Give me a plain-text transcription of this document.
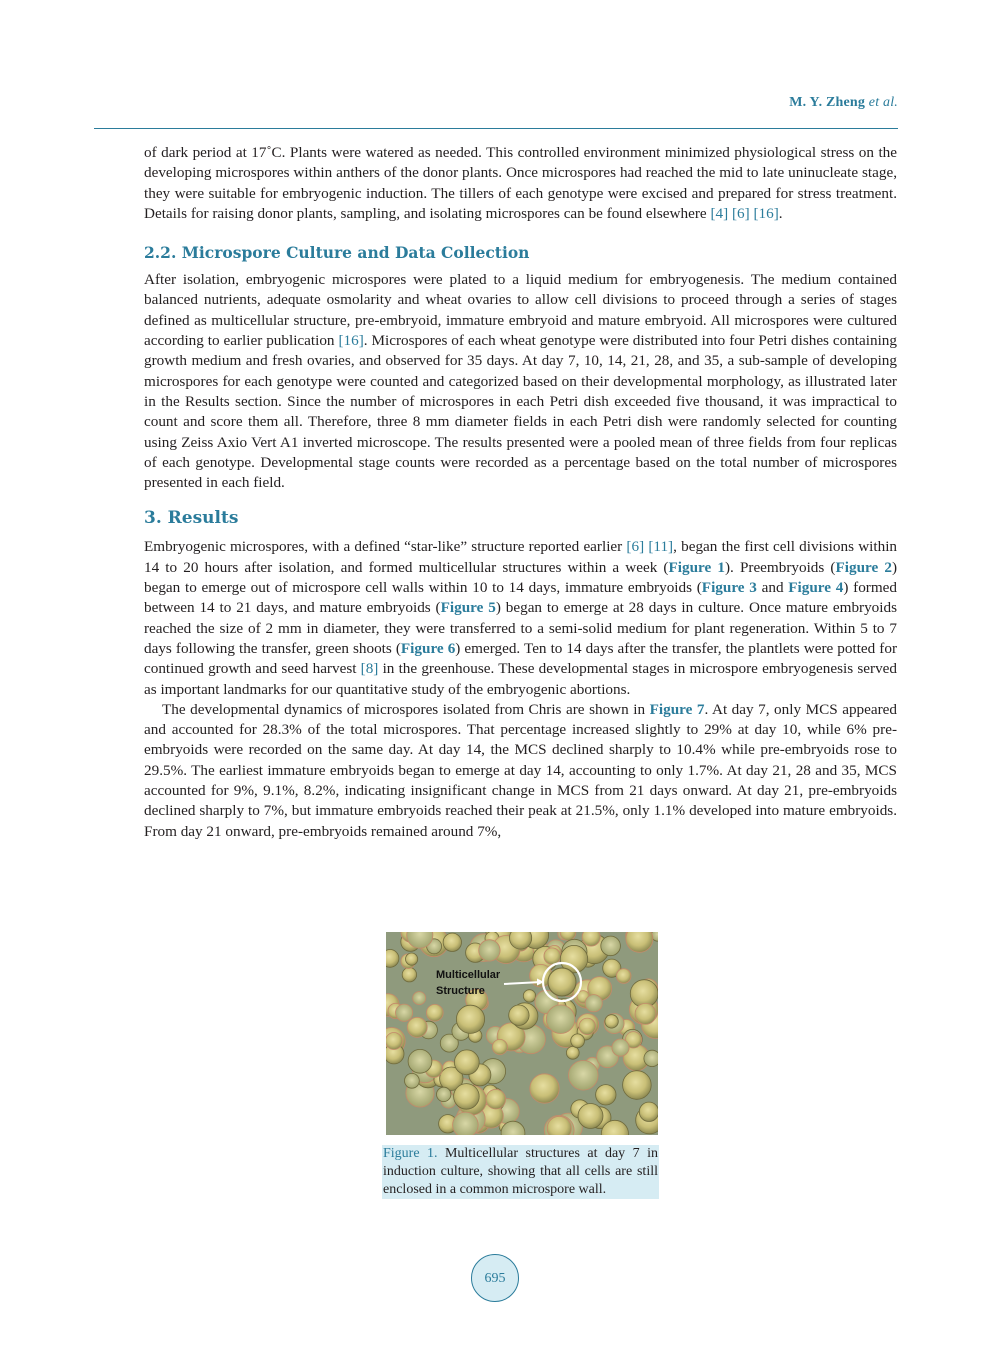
M. Y. Zheng et al.

of dark period at 17˚C. Plants were watered as needed. This controlled environment minimized physiological stress on the developing microspores within anthers of the donor plants. Once microspores had reached the mid to late uninucleate stage, they were suitable for embryogenic induction. The tillers of each genotype were excised and prepared for stress treatment. Details for raising donor plants, sampling, and isolating microspores can be found elsewhere [4] [6] [16].

2.2. Microspore Culture and Data Collection

After isolation, embryogenic microspores were plated to a liquid medium for embryogenesis. The medium contained balanced nutrients, adequate osmolarity and wheat ovaries to allow cell divisions to proceed through a series of stages defined as multicellular structure, pre-embryoid, immature embryoid and mature embryoid. All microspores were cultured according to earlier publication [16]. Microspores of each wheat genotype were distributed into four Petri dishes containing growth medium and fresh ovaries, and observed for 35 days. At day 7, 10, 14, 21, 28, and 35, a sub-sample of developing microspores for each genotype were counted and categorized based on their developmental morphology, as illustrated later in the Results section. Since the number of microspores in each Petri dish exceeded five thousand, it was impractical to count and score them all. Therefore, three 8 mm diameter fields in each Petri dish were randomly selected for counting using Zeiss Axio Vert A1 inverted microscope. The results presented were a pooled mean of three fields from four replicas of each genotype. Developmental stage counts were recorded as a percentage based on the total number of microspores presented in each field.

3. Results

Embryogenic microspores, with a defined “star-like” structure reported earlier [6] [11], began the first cell divisions within 14 to 20 hours after isolation, and formed multicellular structures within a week (Figure 1). Preembryoids (Figure 2) began to emerge out of microspore cell walls within 10 to 14 days, immature embryoids (Figure 3 and Figure 4) formed between 14 to 21 days, and mature embryoids (Figure 5) began to emerge at 28 days in culture. Once mature embryoids reached the size of 2 mm in diameter, they were transferred to a semi-solid medium for plant regeneration. Within 5 to 7 days following the transfer, green shoots (Figure 6) emerged. Ten to 14 days after the transfer, the plantlets were potted for continued growth and seed harvest [8] in the greenhouse. These developmental stages in microspore embryogenesis served as important landmarks for our quantitative study of the embryogenic abortions.

The developmental dynamics of microspores isolated from Chris are shown in Figure 7. At day 7, only MCS appeared and accounted for 28.3% of the total microspores. That percentage increased slightly to 29% at day 10, while 6% pre-embryoids were recorded on the same day. At day 14, the MCS declined sharply to 10.4% while pre-embryoids rose to 29.5%. The earliest immature embryoids began to emerge at day 14, accounting to only 1.7%. At day 21, 28 and 35, MCS accounted for 9%, 9.1%, 8.2%, indicating insignificant change in MCS from 21 days onward. At day 21, pre-embryoids declined sharply to 7%, but immature embryoids reached their peak at 21.5%, only 1.1% developed into mature embryoids. From day 21 onward, pre-embryoids remained around 7%,

Multicellular
Structure
Figure 1. Multicellular structures at day 7 in induction culture, showing that all cells are still enclosed in a common microspore wall.
695
